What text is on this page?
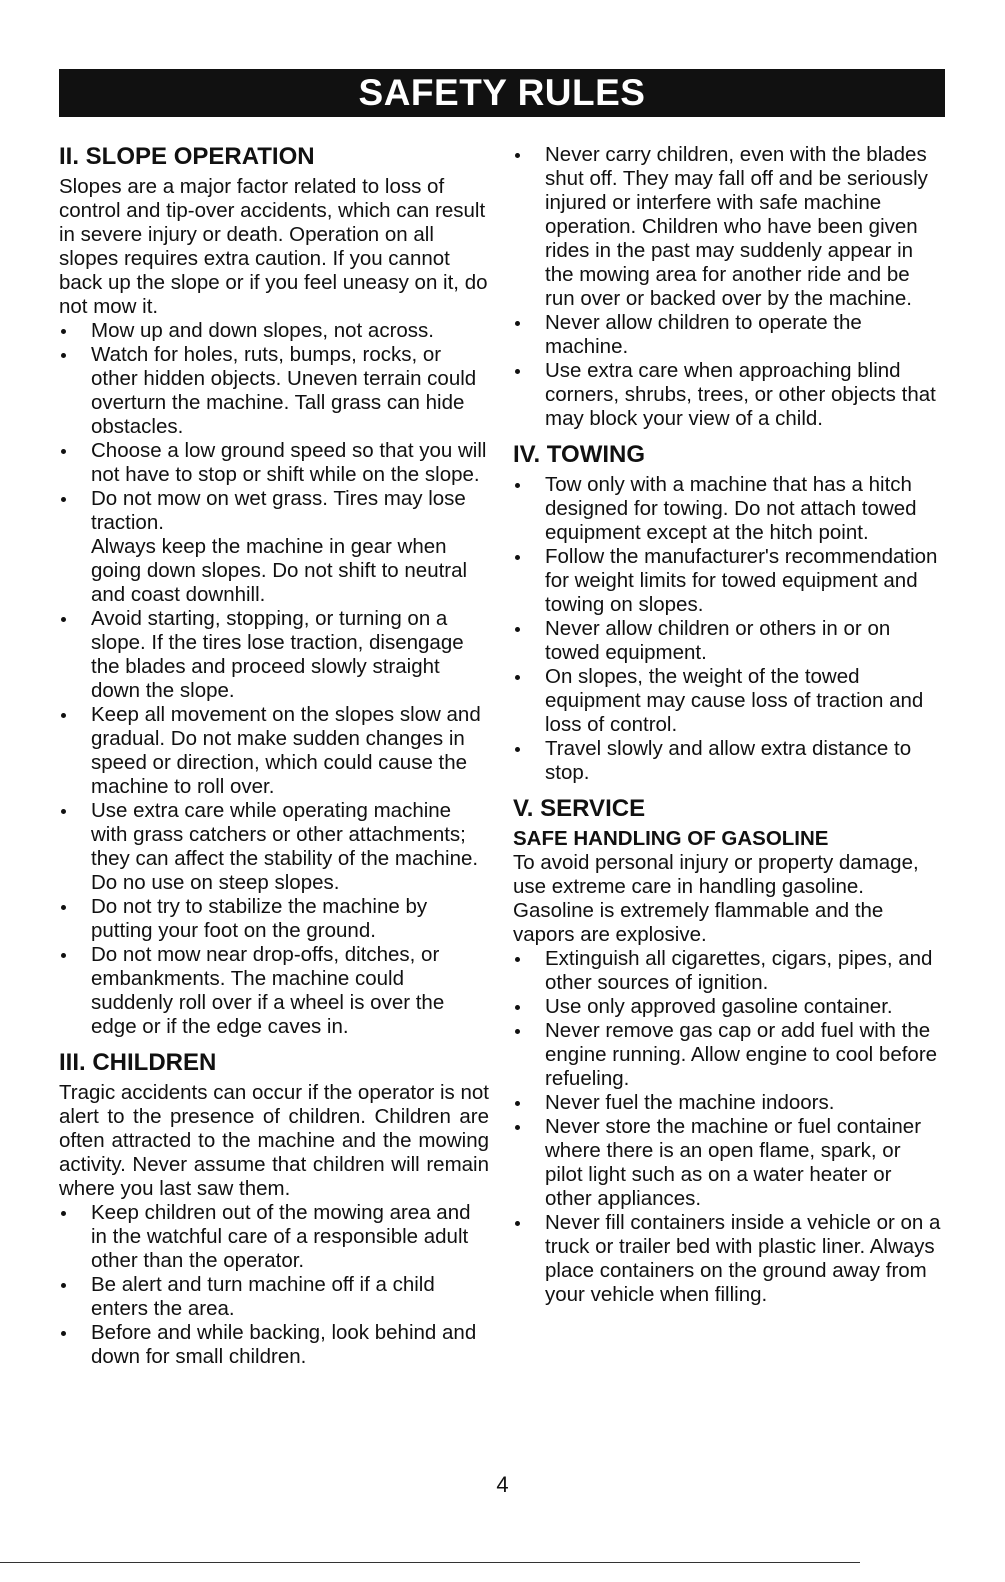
SAFETY RULES
II. SLOPE OPERATION

Slopes are a major factor related to loss of control and tip-over accidents, which can result in severe injury or death. Operation on all slopes requires extra caution. If you cannot back up the slope or if you feel uneasy on it, do not mow it.

Mow up and down slopes, not across.
Watch for holes, ruts, bumps, rocks, or other hidden objects. Uneven terrain could overturn the machine. Tall grass can hide obstacles.
Choose a low ground speed so that you will not have to stop or shift while on the slope.
Do not mow on wet grass. Tires may lose traction.
Always keep the machine in gear when going down slopes. Do not shift to neutral and coast downhill.
Avoid starting, stopping, or turning on a slope. If the tires lose traction, disengage the blades and proceed slowly straight down the slope.
Keep all movement on the slopes slow and gradual. Do not make sudden changes in speed or direction, which could cause the machine to roll over.
Use extra care while operating machine with grass catchers or other attachments; they can affect the stability of the machine. Do no use on steep slopes.
Do not try to stabilize the machine by putting your foot on the ground.
Do not mow near drop-offs, ditches, or embankments. The machine could suddenly roll over if a wheel is over the edge or if the edge caves in.
III. CHILDREN

Tragic accidents can occur if the operator is not alert to the presence of children. Children are often attracted to the machine and the mowing activity. Never assume that children will remain where you last saw them.

Keep children out of the mowing area and in the watchful care of a responsible adult other than the operator.
Be alert and turn machine off if a child enters the area.
Before and while backing, look behind and down for small children.
Never carry children, even with the blades shut off. They may fall off and be seriously injured or interfere with safe machine operation. Children who have been given rides in the past may suddenly appear in the mowing area for another ride and be run over or backed over by the machine.
Never allow children to operate the machine.
Use extra care when approaching blind corners, shrubs, trees, or other objects that may block your view of a child.
IV. TOWING
Tow only with a machine that has a hitch designed for towing. Do not attach towed equipment except at the hitch point.
Follow the manufacturer's recommendation for weight limits for towed equipment and towing on slopes.
Never allow children or others in or on towed equipment.
On slopes, the weight of the towed equipment may cause loss of traction and loss of control.
Travel slowly and allow extra distance to stop.
V. SERVICE
SAFE HANDLING OF GASOLINE

To avoid personal injury or property damage, use extreme care in handling gasoline. Gasoline is extremely flammable and the vapors are explosive.

Extinguish all cigarettes, cigars, pipes, and other sources of ignition.
Use only approved gasoline container.
Never remove gas cap or add fuel with the engine running. Allow engine to cool before refueling.
Never fuel the machine indoors.
Never store the machine or fuel container where there is an open flame, spark, or pilot light such as on a water heater or other appliances.
Never fill containers inside a vehicle or on a truck or trailer bed with plastic liner. Always place containers on the ground away from your vehicle when filling.
4
